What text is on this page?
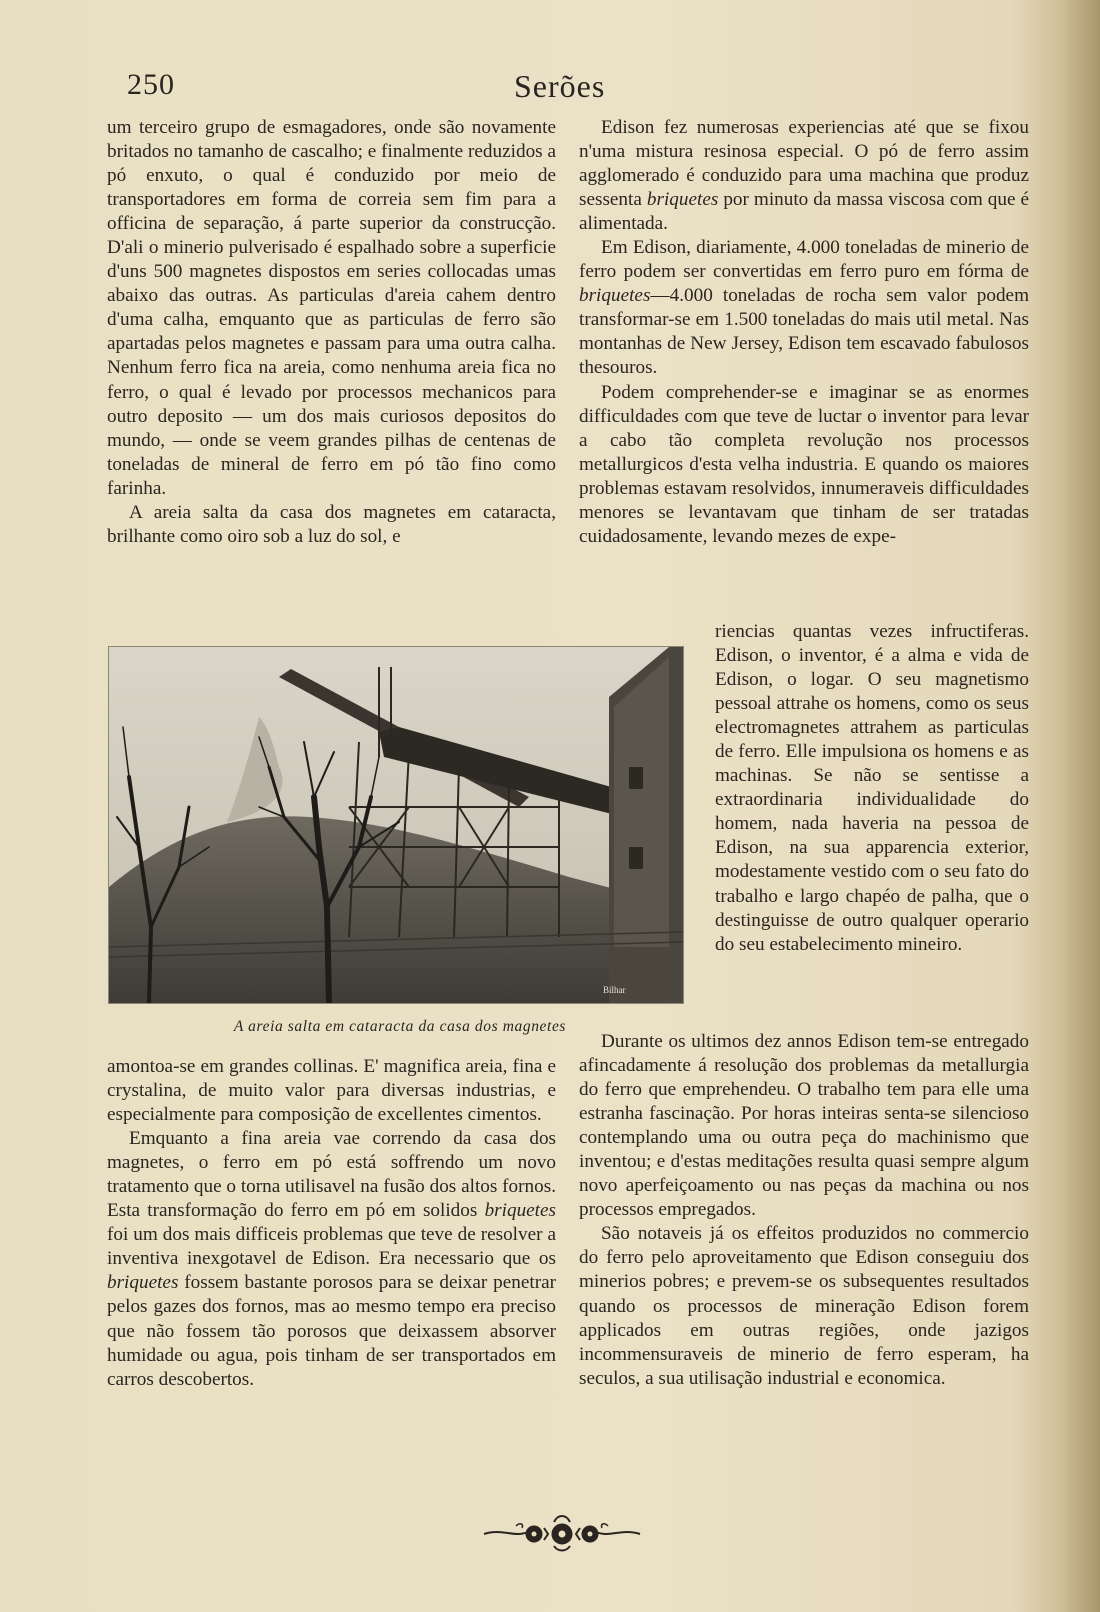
250	Serões

um terceiro grupo de esmagadores, onde são novamente britados no tamanho de cascalho; e finalmente reduzidos a pó enxuto, o qual é conduzido por meio de transportadores em forma de correia sem fim para a officina de separação, á parte superior da construcção. D'ali o minerio pulverisado é espalhado sobre a superficie d'uns 500 magnetes dispostos em series collocadas umas abaixo das outras. As particulas d'areia cahem dentro d'uma calha, emquanto que as particulas de ferro são apartadas pelos magnetes e passam para uma outra calha. Nenhum ferro fica na areia, como nenhuma areia fica no ferro, o qual é levado por processos mechanicos para outro deposito — um dos mais curiosos depositos do mundo, — onde se veem grandes pilhas de centenas de toneladas de mineral de ferro em pó tão fino como farinha.

A areia salta da casa dos magnetes em cataracta, brilhante como oiro sob a luz do sol, e

Bilhar
A areia salta em cataracta da casa dos magnetes

amontoa-se em grandes collinas. E' magnifica areia, fina e crystalina, de muito valor para diversas industrias, e especialmente para composição de excellentes cimentos.

Emquanto a fina areia vae correndo da casa dos magnetes, o ferro em pó está soffrendo um novo tratamento que o torna utilisavel na fusão dos altos fornos. Esta transformação do ferro em pó em solidos briquetes foi um dos mais difficeis problemas que teve de resolver a inventiva inexgotavel de Edison. Era necessario que os briquetes fossem bastante porosos para se deixar penetrar pelos gazes dos fornos, mas ao mesmo tempo era preciso que não fossem tão porosos que deixassem absorver humidade ou agua, pois tinham de ser transportados em carros descobertos.

Edison fez numerosas experiencias até que se fixou n'uma mistura resinosa especial. O pó de ferro assim agglomerado é conduzido para uma machina que produz sessenta briquetes por minuto da massa viscosa com que é alimentada.

Em Edison, diariamente, 4.000 toneladas de minerio de ferro podem ser convertidas em ferro puro em fórma de briquetes—4.000 toneladas de rocha sem valor podem transformar-se em 1.500 toneladas do mais util metal. Nas montanhas de New Jersey, Edison tem escavado fabulosos thesouros.

Podem comprehender-se e imaginar se as enormes difficuldades com que teve de luctar o inventor para levar a cabo tão completa revolução nos processos metallurgicos d'esta velha industria. E quando os maiores problemas estavam resolvidos, innumeraveis difficuldades menores se levantavam que tinham de ser tratadas cuidadosamente, levando mezes de expe-

riencias quantas vezes infructiferas. Edison, o inventor, é a alma e vida de Edison, o logar. O seu magnetismo pessoal attrahe os homens, como os seus electromagnetes attrahem as particulas de ferro. Elle impulsiona os homens e as machinas. Se não se sentisse a extraordinaria individualidade do homem, nada haveria na pessoa de Edison, na sua apparencia exterior, modestamente vestido com o seu fato do trabalho e largo chapéo de palha, que o destinguisse de outro qualquer operario do seu estabelecimento mineiro.

Durante os ultimos dez annos Edison tem-se entregado afincadamente á resolução dos problemas da metallurgia do ferro que emprehendeu. O trabalho tem para elle uma estranha fascinação. Por horas inteiras senta-se silencioso contemplando uma ou outra peça do machinismo que inventou; e d'estas meditações resulta quasi sempre algum novo aperfeiçoamento ou nas peças da machina ou nos processos empregados.

São notaveis já os effeitos produzidos no commercio do ferro pelo aproveitamento que Edison conseguiu dos minerios pobres; e prevem-se os subsequentes resultados quando os processos de mineração Edison forem applicados em outras regiões, onde jazigos incommensuraveis de minerio de ferro esperam, ha seculos, a sua utilisação industrial e economica.
